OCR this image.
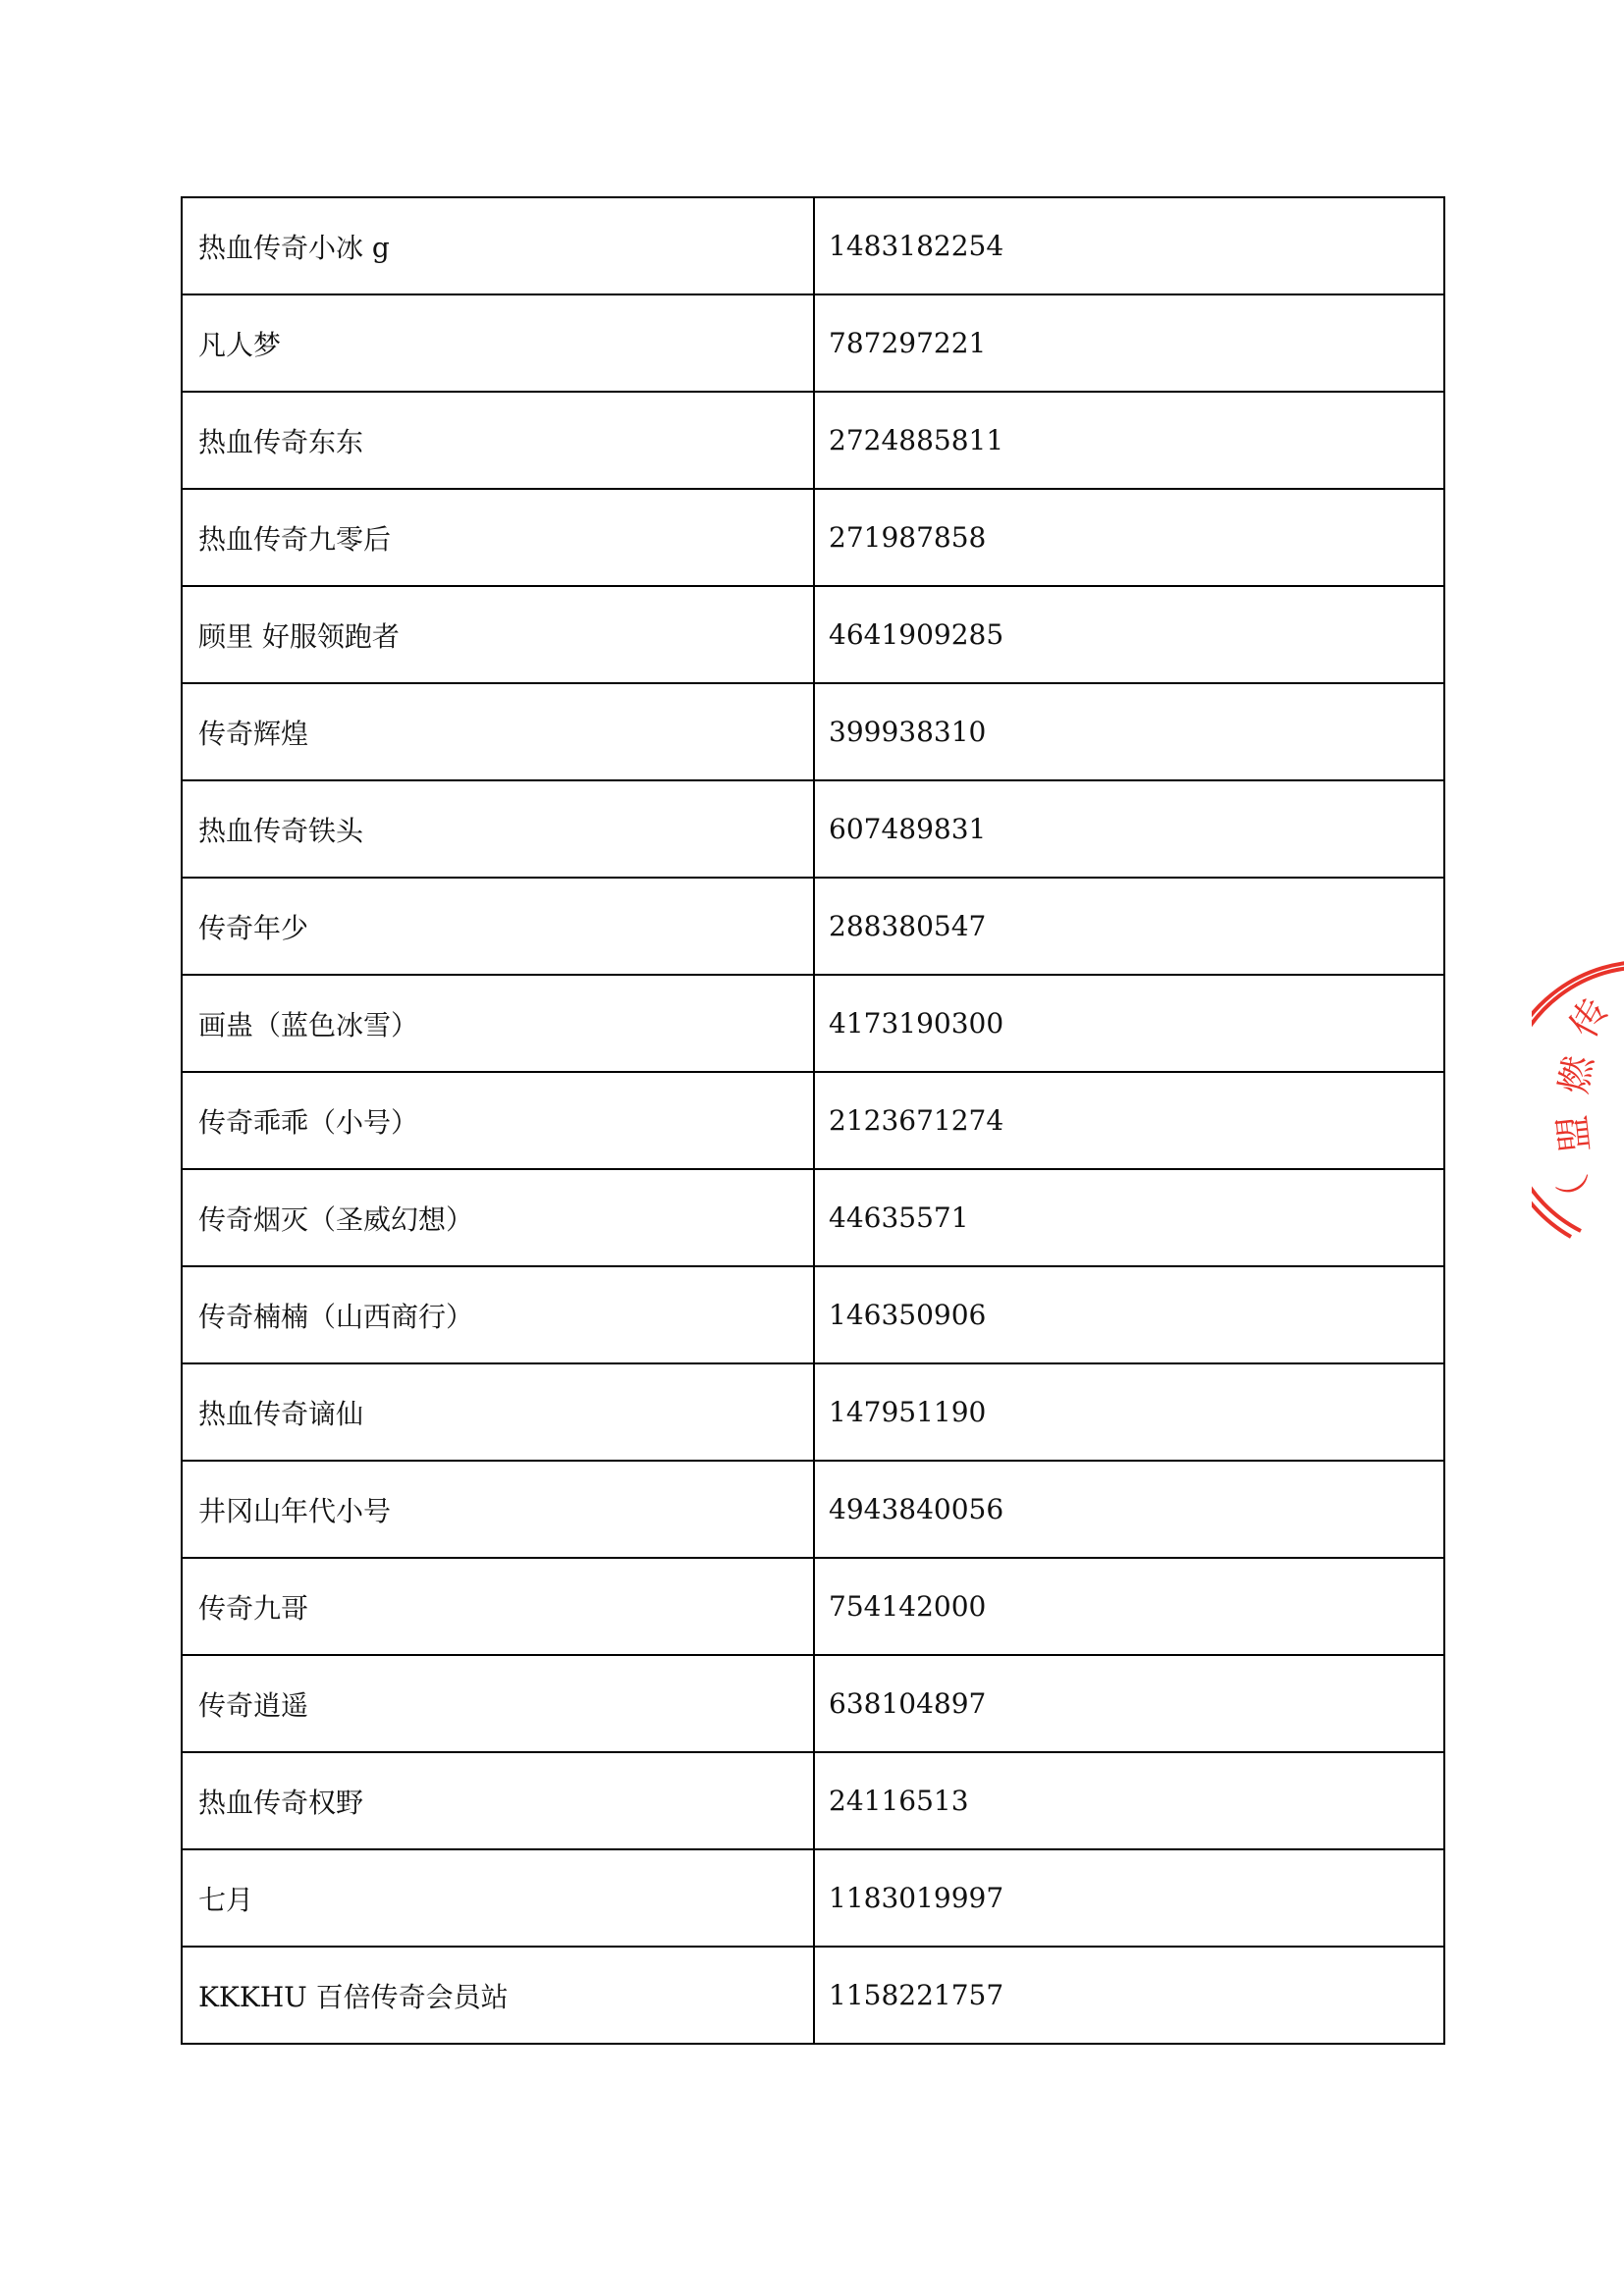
热血传奇小冰 g	1483182254
凡人梦	787297221
热血传奇东东	2724885811
热血传奇九零后	271987858
顾里 好服领跑者	4641909285
传奇辉煌	399938310
热血传奇铁头	607489831
传奇年少	288380547
画蛊（蓝色冰雪）	4173190300
传奇乖乖（小号）	2123671274
传奇烟灭（圣威幻想）	44635571
传奇楠楠（山西商行）	146350906
热血传奇谪仙	147951190
井冈山年代小号	4943840056
传奇九哥	754142000
传奇逍遥	638104897
热血传奇权野	24116513
七月	1183019997
KKKHU 百倍传奇会员站	1158221757
传
燃
盟
（
